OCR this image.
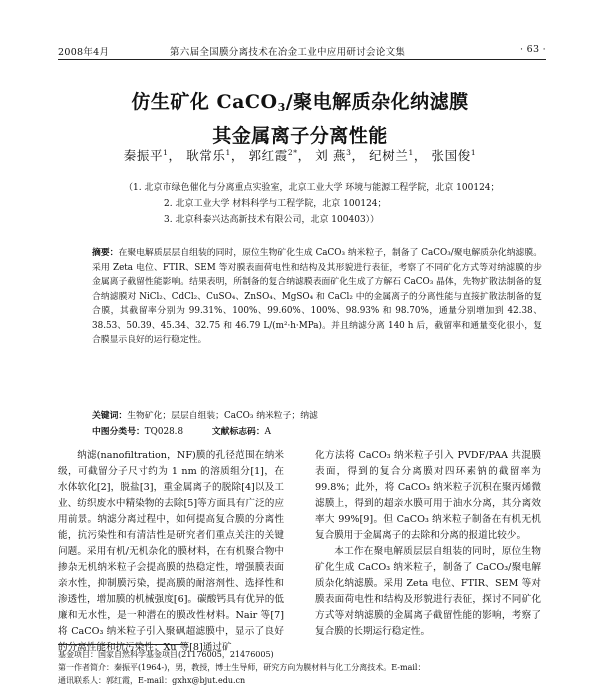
2008年4月	第六届全国膜分离技术在冶金工业中应用研讨会论文集	· 63 ·
仿生矿化 CaCO$_3$/聚电解质杂化纳滤膜
其金属离子分离性能
秦振平$^1$， 耿常乐$^1$， 郭红霞$^{2*}$， 刘 燕$^3$， 纪树兰$^1$， 张国俊$^1$
（1. 北京市绿色催化与分离重点实验室，北京工业大学 环境与能源工程学院，北京 100124；
2. 北京工业大学 材料科学与工程学院，北京 100124；
3. 北京科泰兴达高新技术有限公司，北京 100403））
摘要：在聚电解质层层自组装的同时，原位生物矿化生成 CaCO₃ 纳米粒子，制备了 CaCO₃/聚电解质杂化纳滤膜。采用 Zeta 电位、FTIR、SEM 等对膜表面荷电性和结构及其形貌进行表征，考察了不同矿化方式等对纳滤膜的步金属离子截留性能影响。结果表明，所制备的复合纳滤膜表面矿化生成了方解石 CaCO₃ 晶体，先物扩散法制备的复合纳滤膜对 NiCl₂、CdCl₂、CuSO₄、ZnSO₄、MgSO₄ 和 CaCl₂ 中的金属离子的分离性能与直接扩散法制备的复合膜，其截留率分别为 99.31%、100%、99.60%、100%、98.93% 和 98.70%，通量分别增加到 42.38、38.53、50.39、45.34、32.75 和 46.79 L/(m²·h·MPa)。并且纳滤分离 140 h 后，截留率和通量变化很小，复合膜显示良好的运行稳定性。
关键词：生物矿化；层层自组装；CaCO₃ 纳米粒子；纳滤
中图分类号：TQ028.8	文献标志码：A

纳滤(nanofiltration，NF)膜的孔径范围在纳米级，可截留分子尺寸约为 1 nm 的溶质组分[1]，在水体软化[2]，脱盐[3]，重金属离子的脱除[4]以及工业、纺织废水中精染物的去除[5]等方面具有广泛的应用前景。纳滤分离过程中，如何提高复合膜的分离性能，抗污染性和有清洁性是研究者们重点关注的关键问题。采用有机/无机杂化的膜材料，在有机聚合物中掺杂无机纳米粒子会提高膜的热稳定性，增强膜表面亲水性，抑制膜污染，提高膜的耐溶剂性、选择性和渗透性，增加膜的机械强度[6]。碳酸钙具有优异的低廉和无水性，是一种潜在的膜改性材料。Nair 等[7]将 CaCO₃ 纳米粒子引入聚砜超滤膜中，显示了良好的分离性能和抗污染性；Xu 等[8]通过矿

化方法将 CaCO₃ 纳米粒子引入 PVDF/PAA 共混膜表面，得到的复合分离膜对四环素钠的截留率为 99.8%；此外，将 CaCO₃ 纳米粒子沉积在聚丙烯微滤膜上，得到的超亲水膜可用于油水分离，其分离效率大 99%[9]。但 CaCO₃ 纳米粒子制备在有机无机复合膜用于金属离子的去除和分离的报道比较少。

本工作在聚电解质层层自组装的同时，原位生物矿化生成 CaCO₃ 纳米粒子，制备了 CaCO₃/聚电解质杂化纳滤膜。采用 Zeta 电位、FTIR、SEM 等对膜表面荷电性和结构及形貌进行表征，探讨不同矿化方式等对纳滤膜的金属离子截留性能的影响，考察了复合膜的长期运行稳定性。

基金项目：国家自然科学基金项目(21176005，21476005)
第一作者简介：秦振平(1964-)，男，教授，博士生导师，研究方向为膜材料与化工分离技术。E-mail：
通讯联系人：郭红霞，E-mail：gxhx@bjut.edu.cn
